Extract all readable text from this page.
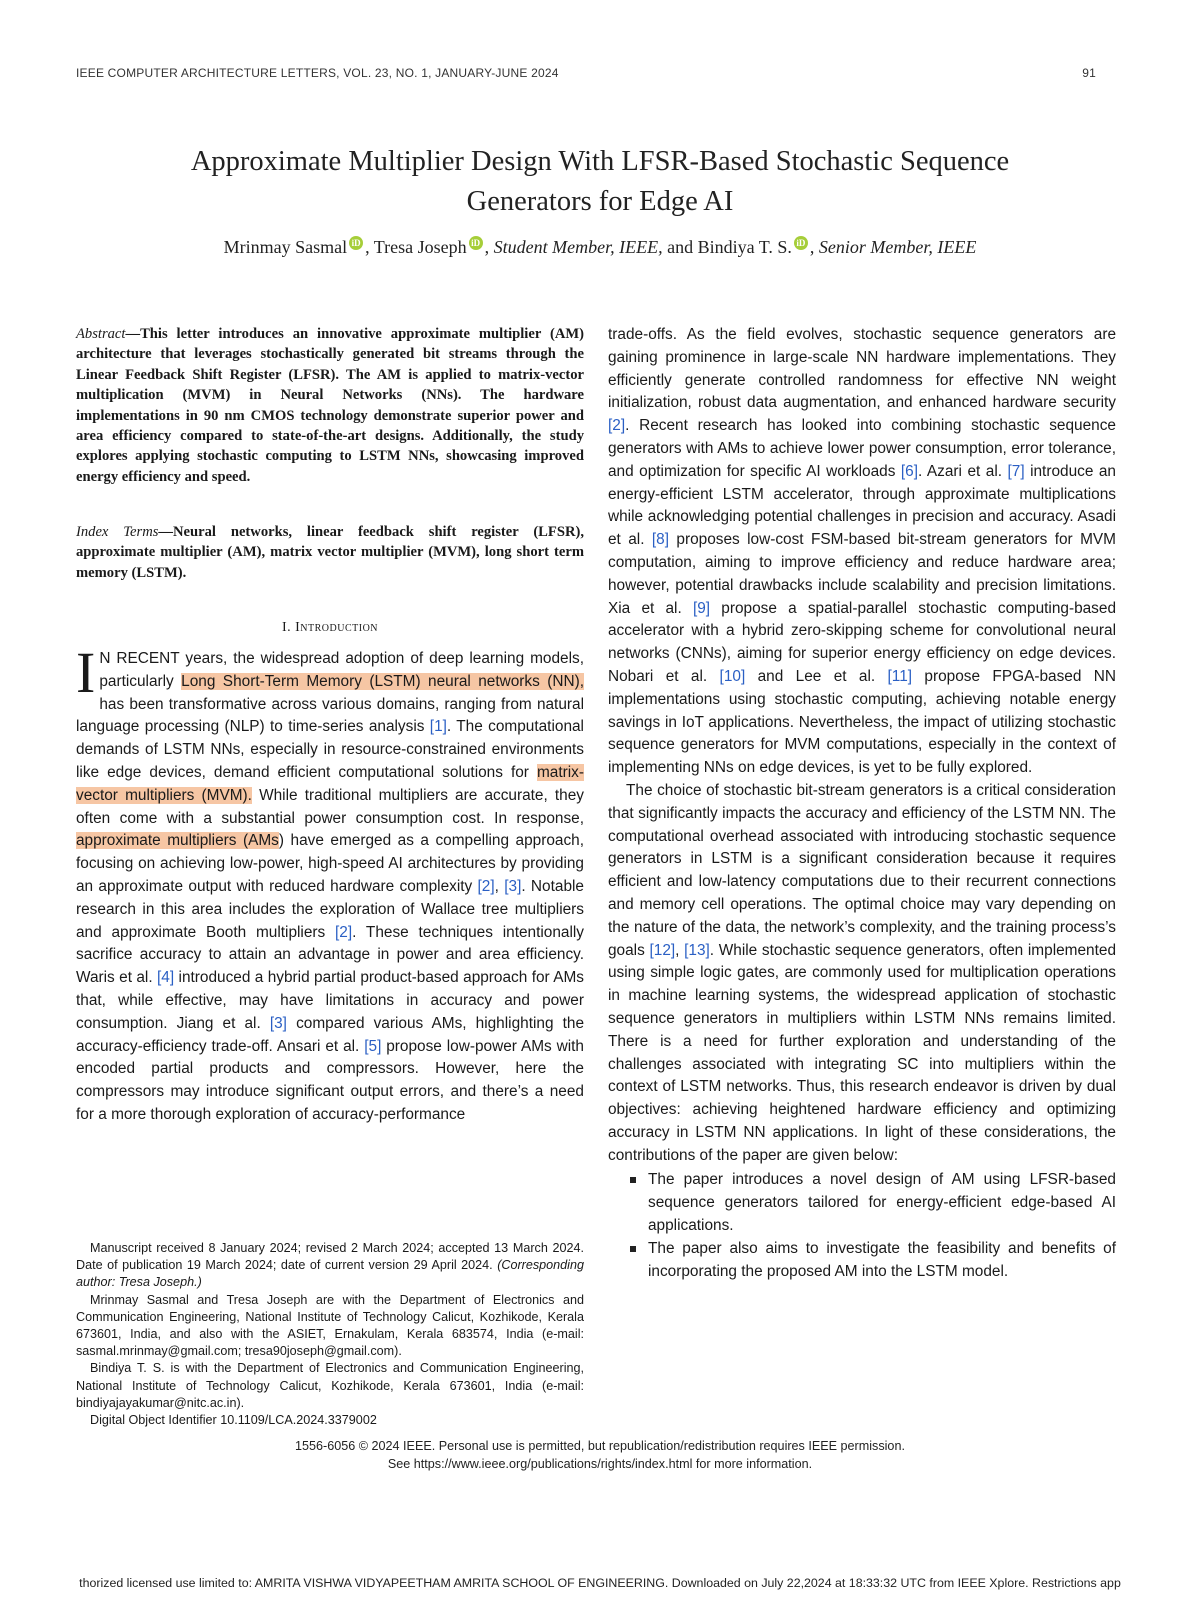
IEEE COMPUTER ARCHITECTURE LETTERS, VOL. 23, NO. 1, JANUARY-JUNE 2024	91
Approximate Multiplier Design With LFSR-Based Stochastic Sequence
Generators for Edge AI
Mrinmay Sasmal iD , Tresa Joseph iD , Student Member, IEEE, and Bindiya T. S. iD , Senior Member, IEEE
Abstract—This letter introduces an innovative approximate multiplier (AM) architecture that leverages stochastically generated bit streams through the Linear Feedback Shift Register (LFSR). The AM is applied to matrix-vector multiplication (MVM) in Neural Networks (NNs). The hardware implementations in 90 nm CMOS technology demonstrate superior power and area efficiency compared to state-of-the-art designs. Additionally, the study explores applying stochastic computing to LSTM NNs, showcasing improved energy efficiency and speed.
Index Terms—Neural networks, linear feedback shift register (LFSR), approximate multiplier (AM), matrix vector multiplier (MVM), long short term memory (LSTM).
I. Introduction
I N RECENT years, the widespread adoption of deep learning models, particularly Long Short-Term Memory (LSTM) neural networks (NN), has been transformative across various domains, ranging from natural language processing (NLP) to time-series analysis [1]. The computational demands of LSTM NNs, especially in resource-constrained environments like edge devices, demand efficient computational solutions for matrix-vector multipliers (MVM). While traditional multipliers are accurate, they often come with a substantial power consumption cost. In response, approximate multipliers (AMs) have emerged as a compelling approach, focusing on achieving low-power, high-speed AI architectures by providing an approximate output with reduced hardware complexity [2], [3]. Notable research in this area includes the exploration of Wallace tree multipliers and approximate Booth multipliers [2]. These techniques intentionally sacrifice accuracy to attain an advantage in power and area efficiency. Waris et al. [4] introduced a hybrid partial product-based approach for AMs that, while effective, may have limitations in accuracy and power consumption. Jiang et al. [3] compared various AMs, highlighting the accuracy-efficiency trade-off. Ansari et al. [5] propose low-power AMs with encoded partial products and compressors. However, here the compressors may introduce significant output errors, and there’s a need for a more thorough exploration of accuracy-performance

Manuscript received 8 January 2024; revised 2 March 2024; accepted 13 March 2024. Date of publication 19 March 2024; date of current version 29 April 2024. (Corresponding author: Tresa Joseph.)

Mrinmay Sasmal and Tresa Joseph are with the Department of Electronics and Communication Engineering, National Institute of Technology Calicut, Kozhikode, Kerala 673601, India, and also with the ASIET, Ernakulam, Kerala 683574, India (e-mail: sasmal.mrinmay@gmail.com; tresa90joseph@gmail.com).

Bindiya T. S. is with the Department of Electronics and Communication Engineering, National Institute of Technology Calicut, Kozhikode, Kerala 673601, India (e-mail: bindiyajayakumar@nitc.ac.in).

Digital Object Identifier 10.1109/LCA.2024.3379002

trade-offs. As the field evolves, stochastic sequence generators are gaining prominence in large-scale NN hardware implementations. They efficiently generate controlled randomness for effective NN weight initialization, robust data augmentation, and enhanced hardware security [2]. Recent research has looked into combining stochastic sequence generators with AMs to achieve lower power consumption, error tolerance, and optimization for specific AI workloads [6]. Azari et al. [7] introduce an energy-efficient LSTM accelerator, through approximate multiplications while acknowledging potential challenges in precision and accuracy. Asadi et al. [8] proposes low-cost FSM-based bit-stream generators for MVM computation, aiming to improve efficiency and reduce hardware area; however, potential drawbacks include scalability and precision limitations. Xia et al. [9] propose a spatial-parallel stochastic computing-based accelerator with a hybrid zero-skipping scheme for convolutional neural networks (CNNs), aiming for superior energy efficiency on edge devices. Nobari et al. [10] and Lee et al. [11] propose FPGA-based NN implementations using stochastic computing, achieving notable energy savings in IoT applications. Nevertheless, the impact of utilizing stochastic sequence generators for MVM computations, especially in the context of implementing NNs on edge devices, is yet to be fully explored.

The choice of stochastic bit-stream generators is a critical consideration that significantly impacts the accuracy and efficiency of the LSTM NN. The computational overhead associated with introducing stochastic sequence generators in LSTM is a significant consideration because it requires efficient and low-latency computations due to their recurrent connections and memory cell operations. The optimal choice may vary depending on the nature of the data, the network’s complexity, and the training process’s goals [12], [13]. While stochastic sequence generators, often implemented using simple logic gates, are commonly used for multiplication operations in machine learning systems, the widespread application of stochastic sequence generators in multipliers within LSTM NNs remains limited. There is a need for further exploration and understanding of the challenges associated with integrating SC into multipliers within the context of LSTM networks. Thus, this research endeavor is driven by dual objectives: achieving heightened hardware efficiency and optimizing accuracy in LSTM NN applications. In light of these considerations, the contributions of the paper are given below:

The paper introduces a novel design of AM using LFSR-based sequence generators tailored for energy-efficient edge-based AI applications.
The paper also aims to investigate the feasibility and benefits of incorporating the proposed AM into the LSTM model.
1556-6056 © 2024 IEEE. Personal use is permitted, but republication/redistribution requires IEEE permission.
See https://www.ieee.org/publications/rights/index.html for more information.
thorized licensed use limited to: AMRITA VISHWA VIDYAPEETHAM AMRITA SCHOOL OF ENGINEERING. Downloaded on July 22,2024 at 18:33:32 UTC from IEEE Xplore. Restrictions app
